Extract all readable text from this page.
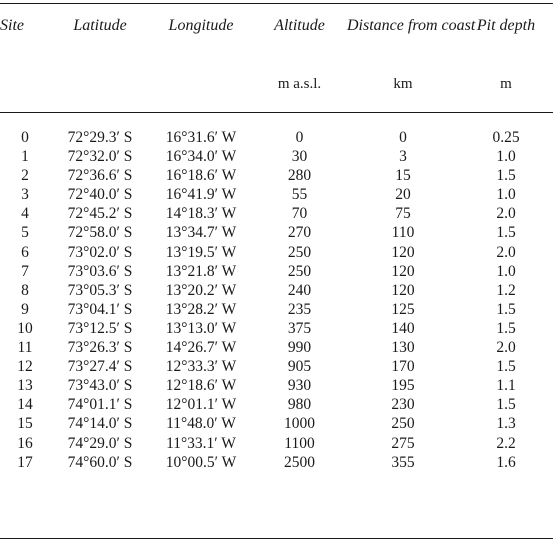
Site	Latitude	Longitude	Altitude	Distance from coast	Pit depth
			m a.s.l.	km	m

0	72°29.3′ S	16°31.6′ W	0	0	0.25
1	72°32.0′ S	16°34.0′ W	30	3	1.0
2	72°36.6′ S	16°18.6′ W	280	15	1.5
3	72°40.0′ S	16°41.9′ W	55	20	1.0
4	72°45.2′ S	14°18.3′ W	70	75	2.0
5	72°58.0′ S	13°34.7′ W	270	110	1.5
6	73°02.0′ S	13°19.5′ W	250	120	2.0
7	73°03.6′ S	13°21.8′ W	250	120	1.0
8	73°05.3′ S	13°20.2′ W	240	120	1.2
9	73°04.1′ S	13°28.2′ W	235	125	1.5
10	73°12.5′ S	13°13.0′ W	375	140	1.5
11	73°26.3′ S	14°26.7′ W	990	130	2.0
12	73°27.4′ S	12°33.3′ W	905	170	1.5
13	73°43.0′ S	12°18.6′ W	930	195	1.1
14	74°01.1′ S	12°01.1′ W	980	230	1.5
15	74°14.0′ S	11°48.0′ W	1000	250	1.3
16	74°29.0′ S	11°33.1′ W	1100	275	2.2
17	74°60.0′ S	10°00.5′ W	2500	355	1.6
